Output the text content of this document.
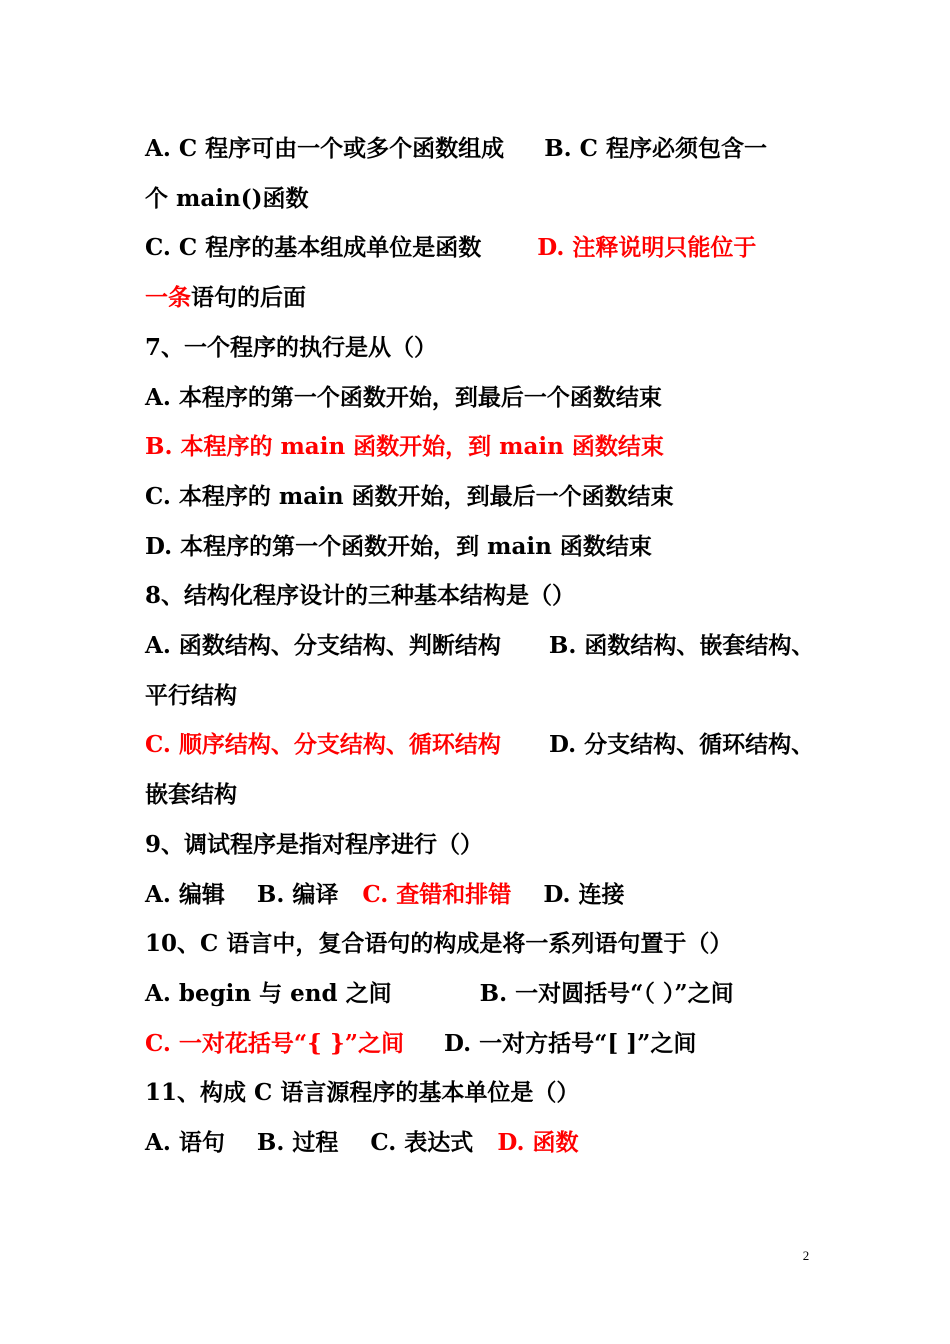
A. C 程序可由一个或多个函数组成     B. C 程序必须包含一
个 main()函数
C. C 程序的基本组成单位是函数 D. 注释说明只能位于
一条语句的后面
7、一个程序的执行是从（）
A. 本程序的第一个函数开始，到最后一个函数结束
B. 本程序的 main 函数开始，到 main 函数结束
C. 本程序的 main 函数开始，到最后一个函数结束
D. 本程序的第一个函数开始，到 main 函数结束
8、结构化程序设计的三种基本结构是（）
A. 函数结构、分支结构、判断结构      B. 函数结构、嵌套结构、
平行结构
C. 顺序结构、分支结构、循环结构      D. 分支结构、循环结构、
嵌套结构
9、调试程序是指对程序进行（）
A. 编辑    B. 编译   C. 查错和排错    D. 连接
10、C 语言中，复合语句的构成是将一系列语句置于（）
A. begin 与 end 之间           B. 一对圆括号“（ ）”之间
C. 一对花括号“{ }”之间     D. 一对方括号“[ ]”之间
11、构成 C 语言源程序的基本单位是（）
A. 语句    B. 过程    C. 表达式   D. 函数
2
